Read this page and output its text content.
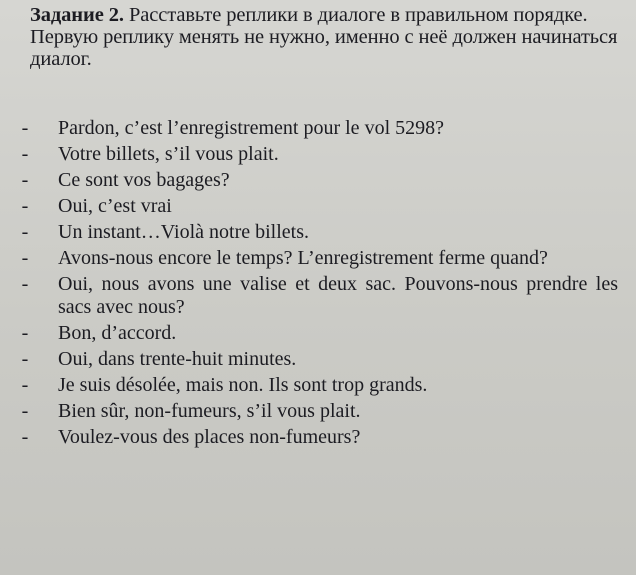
Задание 2. Расставьте реплики в диалоге в правильном порядке. Первую реплику менять не нужно, именно с неё должен начинаться диалог.

- Pardon, c’est l’enregistrement pour le vol 5298?
- Votre billets, s’il vous plait.
- Ce sont vos bagages?
- Oui, c’est vrai
- Un instant…Violà notre billets.
- Avons-nous encore le temps? L’enregistrement ferme quand?
- Oui, nous avons une valise et deux sac. Pouvons-nous prendre les sacs avec nous?
- Bon, d’accord.
- Oui, dans trente-huit minutes.
- Je suis désolée, mais non. Ils sont trop grands.
- Bien sûr, non-fumeurs, s’il vous plait.
- Voulez-vous des places non-fumeurs?
